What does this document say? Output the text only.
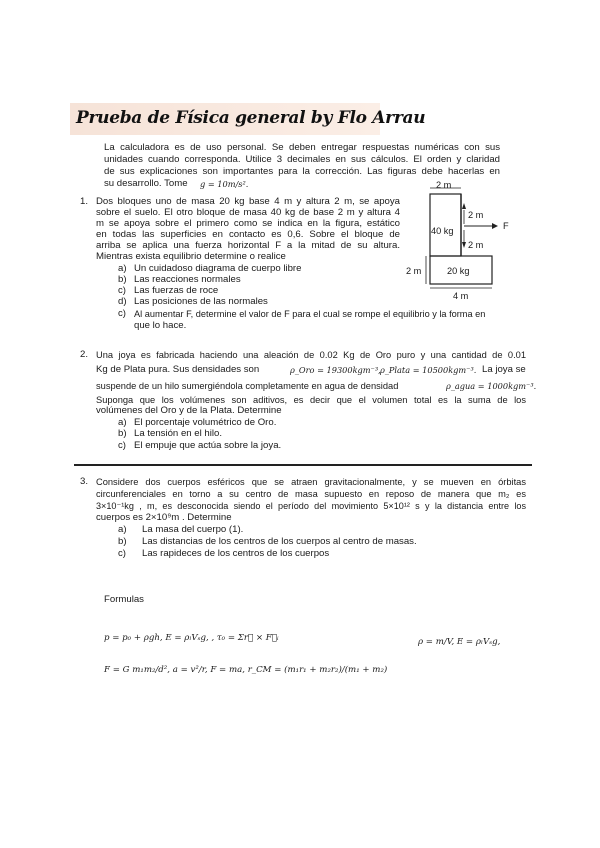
Prueba de Física general by Flo Arrau
La calculadora es de uso personal. Se deben entregar respuestas numéricas con sus
unidades cuando corresponda. Utilice 3 decimales en sus cálculos. El orden y claridad
de sus explicaciones son importantes para la corrección. Las figuras debe hacerlas en
su desarrollo. Tome g = 10m/s².
1. Dos bloques uno de masa 20 kg base 4 m y altura 2 m, se apoya
sobre el suelo. El otro bloque de masa 40 kg de base 2 m y altura 4
m se apoya sobre el primero como se indica en la figura, estático
en todas las superficies en contacto es 0,6. Sobre el bloque de
arriba se aplica una fuerza horizontal F a la mitad de su altura.
Mientras exista equilibrio determine o realice
a) Un cuidadoso diagrama de cuerpo libre
b) Las reacciones normales
c) Las fuerzas de roce
d) Las posiciones de las normales
c) Al aumentar F, determine el valor de F para el cual se rompe el equilibrio y la forma en
que lo hace.
2 m
40 kg
2 m
2 m
F
2 m	20 kg
4 m
2. Una joya es fabricada haciendo una aleación de 0.02 Kg de Oro puro y una cantidad de 0.01
Kg de Plata pura. Sus densidades son	ρ_Oro = 19300kgm⁻³, ρ_Plata = 10500kgm⁻³. La joya se
suspende de un hilo sumergiéndola completamente en agua de densidad	ρ_agua = 1000kgm⁻³.
Suponga que los volúmenes son aditivos, es decir que el volumen total es la suma de los
volúmenes del Oro y de la Plata. Determine
a) El porcentaje volumétrico de Oro.
b) La tensión en el hilo.
c) El empuje que actúa sobre la joya.
3. Considere dos cuerpos esféricos que se atraen gravitacionalmente, y se mueven en órbitas
circunferenciales en torno a su centro de masa supuesto en reposo de manera que m₂ es
3×10⁻¹kg , m, es desconocida siendo el período del movimiento 5×10¹² s y la distancia entre los
cuerpos es 2×10⁹m . Determine
a) La masa del cuerpo (1).
b) Las distancias de los centros de los cuerpos al centro de masas.
c) Las rapideces de los centros de los cuerpos
Formulas
p = p₀ + ρgh, E = ρₗVₛg, , τ₀ = Σr⃗ × F⃗ᵢ	ρ = m/V, E = ρₗVₛg,
F = G m₁m₂/d², a = v²/r, F = ma, r_CM = (m₁r₁ + m₂r₂)/(m₁ + m₂)
